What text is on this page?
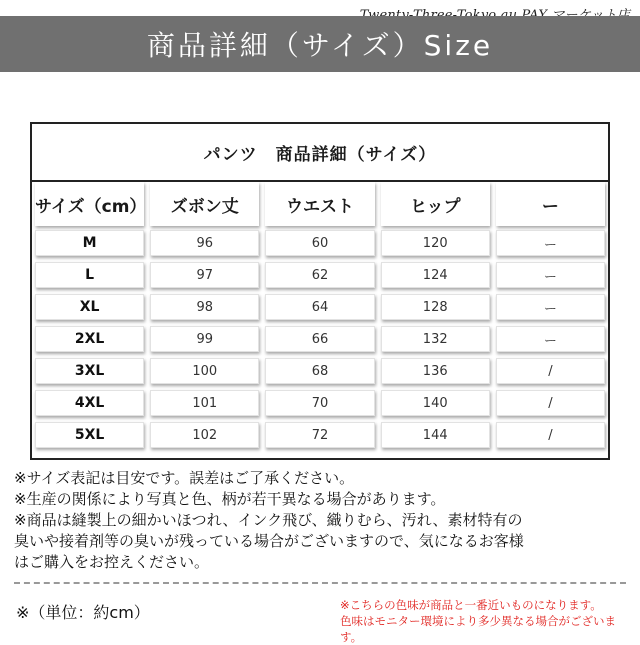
商品詳細（サイズ）Size
パンツ　商品詳細（サイズ）
サイズ（cm）	ズボン丈	ウエスト	ヒップ	ー
M	96	60	120	ー
L	97	62	124	ー
XL	98	64	128	ー
2XL	99	66	132	ー
3XL	100	68	136	/
4XL	101	70	140	/
5XL	102	72	144	/

※サイズ表記は目安です。誤差はご了承ください。

※生産の関係により写真と色、柄が若干異なる場合があります。

※商品は縫製上の細かいほつれ、インク飛び、織りむら、汚れ、素材特有の

臭いや接着剤等の臭いが残っている場合がございますので、気になるお客様

はご購入をお控えください。

※（単位：約cm）	※こちらの色味が商品と一番近いものになります。

色味はモニター環境により多少異なる場合がございます。
